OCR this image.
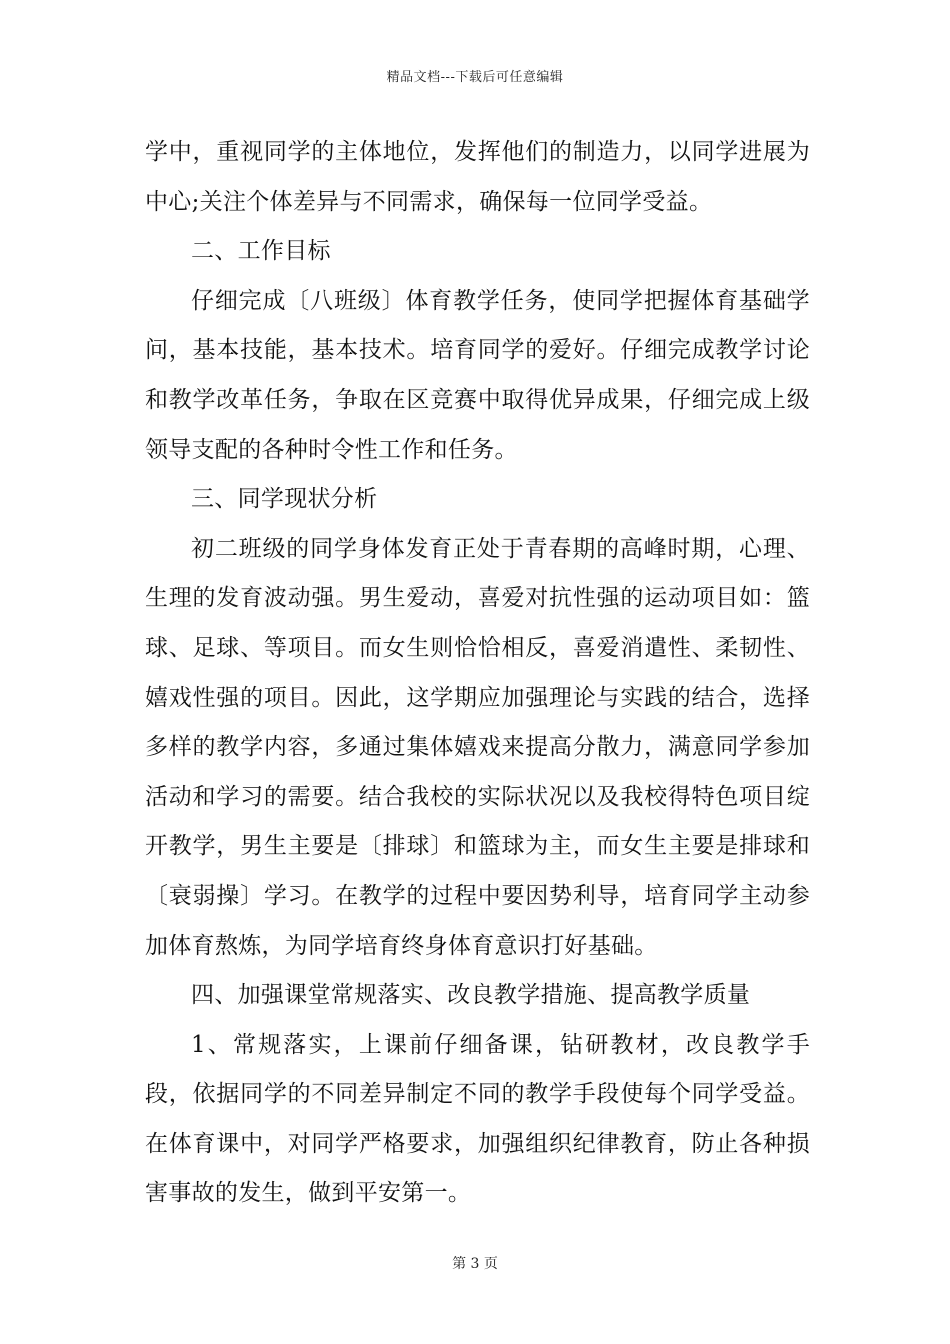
精品文档---下载后可任意编辑

学中，重视同学的主体地位，发挥他们的制造力，以同学进展为中心;关注个体差异与不同需求，确保每一位同学受益。

二、工作目标

仔细完成〔八班级〕体育教学任务，使同学把握体育基础学问，基本技能，基本技术。培育同学的爱好。仔细完成教学讨论和教学改革任务，争取在区竞赛中取得优异成果，仔细完成上级领导支配的各种时令性工作和任务。

三、同学现状分析

初二班级的同学身体发育正处于青春期的高峰时期，心理、生理的发育波动强。男生爱动，喜爱对抗性强的运动项目如：篮球、足球、等项目。而女生则恰恰相反，喜爱消遣性、柔韧性、嬉戏性强的项目。因此，这学期应加强理论与实践的结合，选择多样的教学内容，多通过集体嬉戏来提高分散力，满意同学参加活动和学习的需要。结合我校的实际状况以及我校得特色项目绽开教学，男生主要是〔排球〕和篮球为主，而女生主要是排球和〔衰弱操〕学习。在教学的过程中要因势利导，培育同学主动参加体育熬炼，为同学培育终身体育意识打好基础。

四、加强课堂常规落实、改良教学措施、提高教学质量

1、常规落实，上课前仔细备课，钻研教材，改良教学手段，依据同学的不同差异制定不同的教学手段使每个同学受益。在体育课中，对同学严格要求，加强组织纪律教育，防止各种损害事故的发生，做到平安第一。

第 3 页
